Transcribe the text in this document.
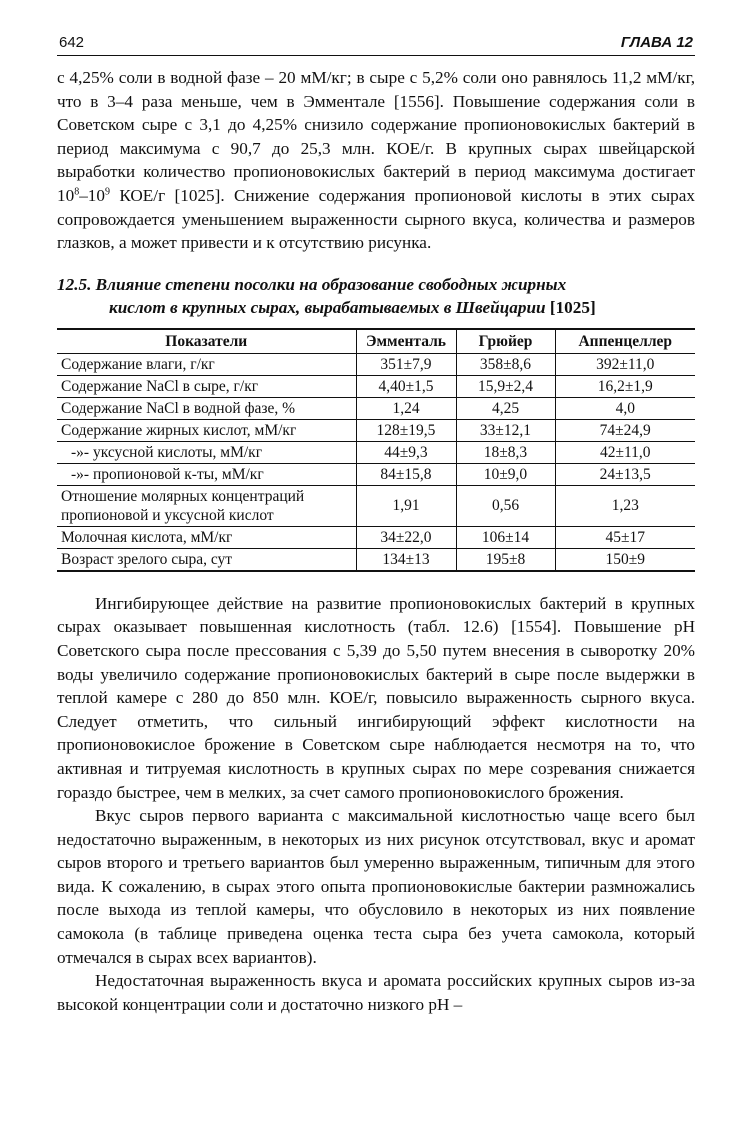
642	ГЛАВА 12

с 4,25% соли в водной фазе – 20 мМ/кг; в сыре с 5,2% соли оно равнялось 11,2 мМ/кг, что в 3–4 раза меньше, чем в Эмментале [1556]. Повышение содержания соли в Советском сыре с 3,1 до 4,25% снизило содержание пропионовокислых бактерий в период максимума с 90,7 до 25,3 млн. КОЕ/г. В крупных сырах швейцарской выработки количество пропионовокислых бактерий в период максимума достигает $10^8-10^9$ КОЕ/г [1025]. Снижение содержания пропионовой кислоты в этих сырах сопровождается уменьшением выраженности сырного вкуса, количества и размеров глазков, а может привести и к отсутствию рисунка.

12.5. Влияние степени посолки на образование свободных жирных
кислот в крупных сырах, вырабатываемых в Швейцарии [1025]
Показатели	Эмменталь	Грюйер	Аппенцеллер
Содержание влаги, г/кг	351±7,9	358±8,6	392±11,0
Содержание NaCl в сыре, г/кг	4,40±1,5	15,9±2,4	16,2±1,9
Содержание NaCl в водной фазе, %	1,24	4,25	4,0
Содержание жирных кислот, мМ/кг	128±19,5	33±12,1	74±24,9
-»- уксусной кислоты, мМ/кг	44±9,3	18±8,3	42±11,0
-»- пропионовой к-ты, мМ/кг	84±15,8	10±9,0	24±13,5
Отношение молярных концентраций
пропионовой и уксусной кислот	1,91	0,56	1,23
Молочная кислота, мМ/кг	34±22,0	106±14	45±17
Возраст зрелого сыра, сут	134±13	195±8	150±9

Ингибирующее действие на развитие пропионовокислых бактерий в крупных сырах оказывает повышенная кислотность (табл. 12.6) [1554]. Повышение pH Советского сыра после прессования с 5,39 до 5,50 путем внесения в сыворотку 20% воды увеличило содержание пропионовокислых бактерий в сыре после выдержки в теплой камере с 280 до 850 млн. КОЕ/г, повысило выраженность сырного вкуса. Следует отметить, что сильный ингибирующий эффект кислотности на пропионовокислое брожение в Советском сыре наблюдается несмотря на то, что активная и титруемая кислотность в крупных сырах по мере созревания снижается гораздо быстрее, чем в мелких, за счет самого пропионовокислого брожения.

Вкус сыров первого варианта с максимальной кислотностью чаще всего был недостаточно выраженным, в некоторых из них рисунок отсутствовал, вкус и аромат сыров второго и третьего вариантов был умеренно выраженным, типичным для этого вида. К сожалению, в сырах этого опыта пропионовокислые бактерии размножались после выхода из теплой камеры, что обусловило в некоторых из них появление самокола (в таблице приведена оценка теста сыра без учета самокола, который отмечался в сырах всех вариантов).

Недостаточная выраженность вкуса и аромата российских крупных сыров из-за высокой концентрации соли и достаточно низкого pH –
